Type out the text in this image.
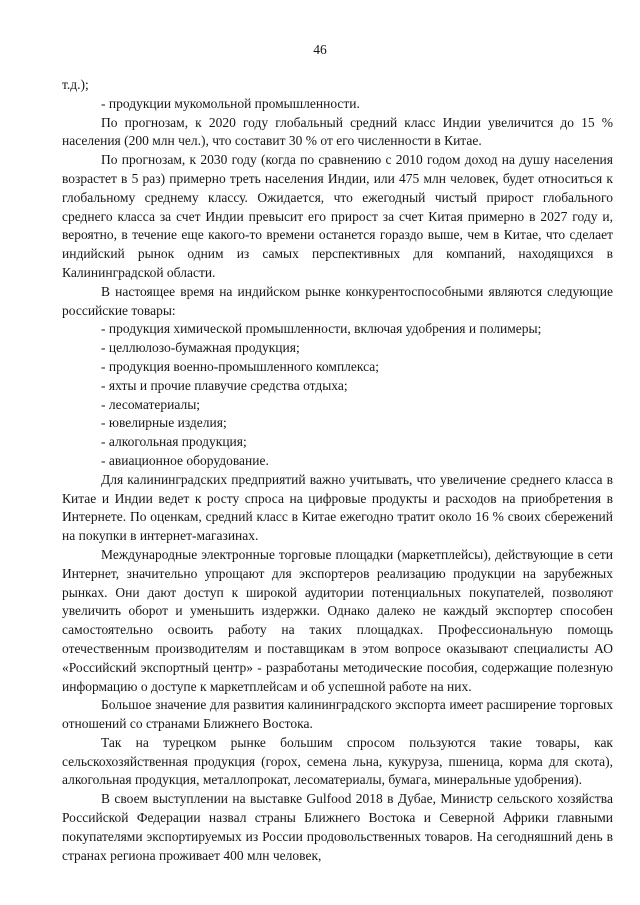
46

т.д.);

- продукции мукомольной промышленности.

По прогнозам, к 2020 году глобальный средний класс Индии увеличится до 15 % населения (200 млн чел.), что составит 30 % от его численности в Китае.

По прогнозам, к 2030 году (когда по сравнению с 2010 годом доход на душу населения возрастет в 5 раз) примерно треть населения Индии, или 475 млн человек, будет относиться к глобальному среднему классу. Ожидается, что ежегодный чистый прирост глобального среднего класса за счет Индии превысит его прирост за счет Китая примерно в 2027 году и, вероятно, в течение еще какого-то времени останется гораздо выше, чем в Китае, что сделает индийский рынок одним из самых перспективных для компаний, находящихся в Калининградской области.

В настоящее время на индийском рынке конкурентоспособными являются следующие российские товары:

- продукция химической промышленности, включая удобрения и полимеры;

- целлюлозо-бумажная продукция;

- продукция военно-промышленного комплекса;

- яхты и прочие плавучие средства отдыха;

- лесоматериалы;

- ювелирные изделия;

- алкогольная продукция;

- авиационное оборудование.

Для калининградских предприятий важно учитывать, что увеличение среднего класса в Китае и Индии ведет к росту спроса на цифровые продукты и расходов на приобретения в Интернете. По оценкам, средний класс в Китае ежегодно тратит около 16 % своих сбережений на покупки в интернет-магазинах.

Международные электронные торговые площадки (маркетплейсы), действующие в сети Интернет, значительно упрощают для экспортеров реализацию продукции на зарубежных рынках. Они дают доступ к широкой аудитории потенциальных покупателей, позволяют увеличить оборот и уменьшить издержки. Однако далеко не каждый экспортер способен самостоятельно освоить работу на таких площадках. Профессиональную помощь отечественным производителям и поставщикам в этом вопросе оказывают специалисты АО «Российский экспортный центр» - разработаны методические пособия, содержащие полезную информацию о доступе к маркетплейсам и об успешной работе на них.

Большое значение для развития калининградского экспорта имеет расширение торговых отношений со странами Ближнего Востока.

Так на турецком рынке большим спросом пользуются такие товары, как сельскохозяйственная продукция (горох, семена льна, кукуруза, пшеница, корма для скота), алкогольная продукция, металлопрокат, лесоматериалы, бумага, минеральные удобрения).

В своем выступлении на выставке Gulfood 2018 в Дубае, Министр сельского хозяйства Российской Федерации назвал страны Ближнего Востока и Северной Африки главными покупателями экспортируемых из России продовольственных товаров. На сегодняшний день в странах региона проживает 400 млн человек,
